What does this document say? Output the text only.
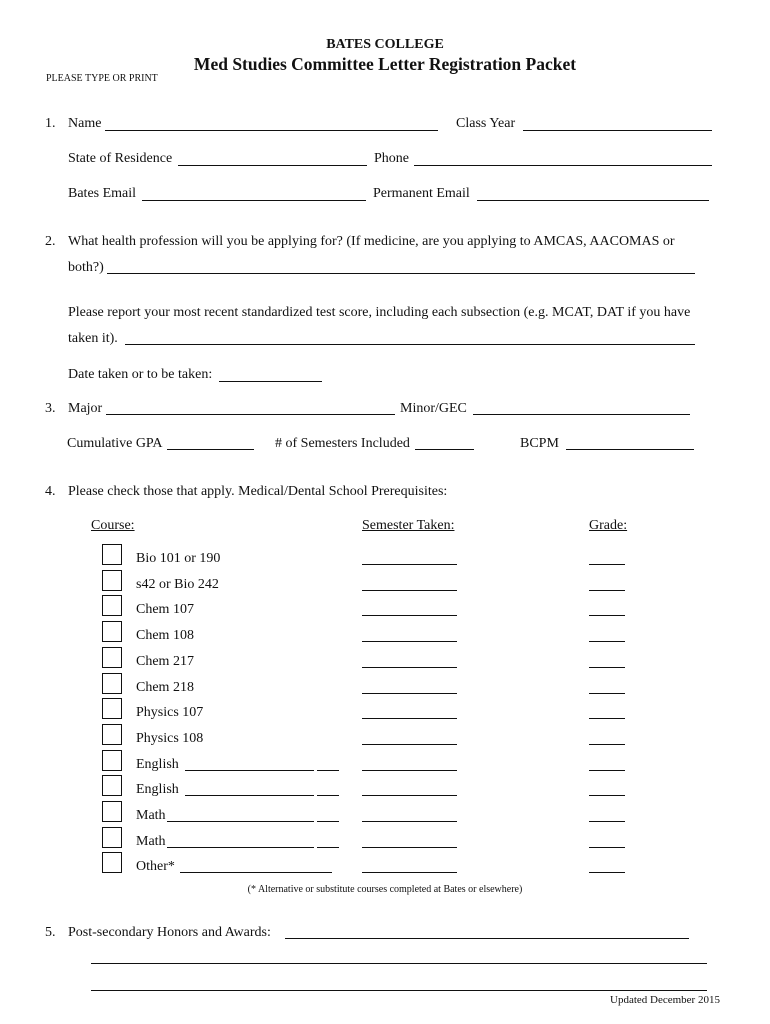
BATES COLLEGE
Med Studies Committee Letter Registration Packet
PLEASE TYPE OR PRINT
1. Name	Class Year
State of Residence	Phone
Bates Email	Permanent Email
2. What health profession will you be applying for? (If medicine, are you applying to AMCAS, AACOMAS or
both?)
Please report your most recent standardized test score, including each subsection (e.g. MCAT, DAT if you have
taken it).
Date taken or to be taken:
3. Major	Minor/GEC
Cumulative GPA	# of Semesters Included	BCPM
4. Please check those that apply. Medical/Dental School Prerequisites:
Course:	Semester Taken:	Grade:
Bio 101 or 190
s42 or Bio 242
Chem 107
Chem 108
Chem 217
Chem 218
Physics 107
Physics 108
English
English
Math
Math
Other*
(* Alternative or substitute courses completed at Bates or elsewhere)
5. Post-secondary Honors and Awards:
Updated December 2015
